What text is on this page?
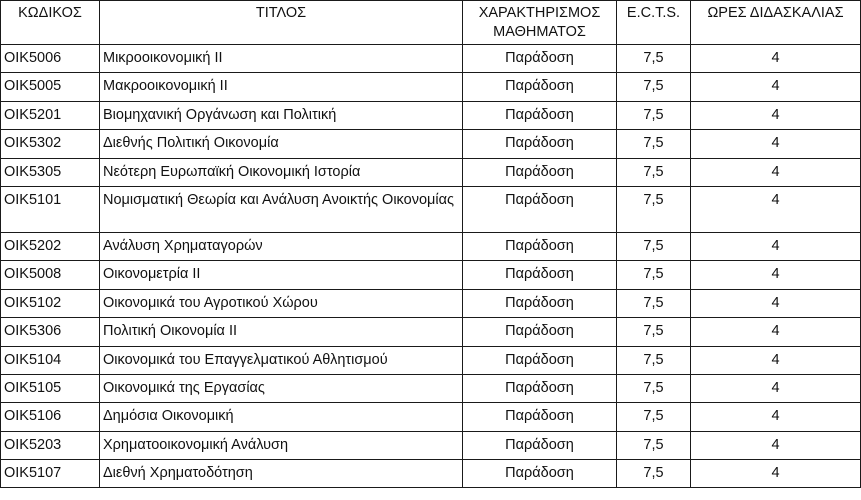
ΚΩΔΙΚΟΣ	ΤΙΤΛΟΣ	ΧΑΡΑΚΤΗΡΙΣΜΟΣ ΜΑΘΗΜΑΤΟΣ	E.C.T.S.	ΩΡΕΣ ΔΙΔΑΣΚΑΛΙΑΣ
ΟΙΚ5006	Μικροοικονομική ΙΙ	Παράδοση	7,5	4
ΟΙΚ5005	Μακροοικονομική ΙΙ	Παράδοση	7,5	4
ΟΙΚ5201	Βιομηχανική Οργάνωση και Πολιτική	Παράδοση	7,5	4
ΟΙΚ5302	Διεθνής Πολιτική Οικονομία	Παράδοση	7,5	4
ΟΙΚ5305	Νεότερη Ευρωπαϊκή Οικονομική Ιστορία	Παράδοση	7,5	4
ΟΙΚ5101	Νομισματική Θεωρία και Ανάλυση Ανοικτής Οικονομίας	Παράδοση	7,5	4
ΟΙΚ5202	Ανάλυση Χρηματαγορών	Παράδοση	7,5	4
ΟΙΚ5008	Οικονομετρία ΙΙ	Παράδοση	7,5	4
ΟΙΚ5102	Οικονομικά του Αγροτικού Χώρου	Παράδοση	7,5	4
ΟΙΚ5306	Πολιτική Οικονομία ΙΙ	Παράδοση	7,5	4
ΟΙΚ5104	Οικονομικά του Επαγγελματικού Αθλητισμού	Παράδοση	7,5	4
ΟΙΚ5105	Οικονομικά της Εργασίας	Παράδοση	7,5	4
ΟΙΚ5106	Δημόσια Οικονομική	Παράδοση	7,5	4
ΟΙΚ5203	Χρηματοοικονομική Ανάλυση	Παράδοση	7,5	4
ΟΙΚ5107	Διεθνή Χρηματοδότηση	Παράδοση	7,5	4
